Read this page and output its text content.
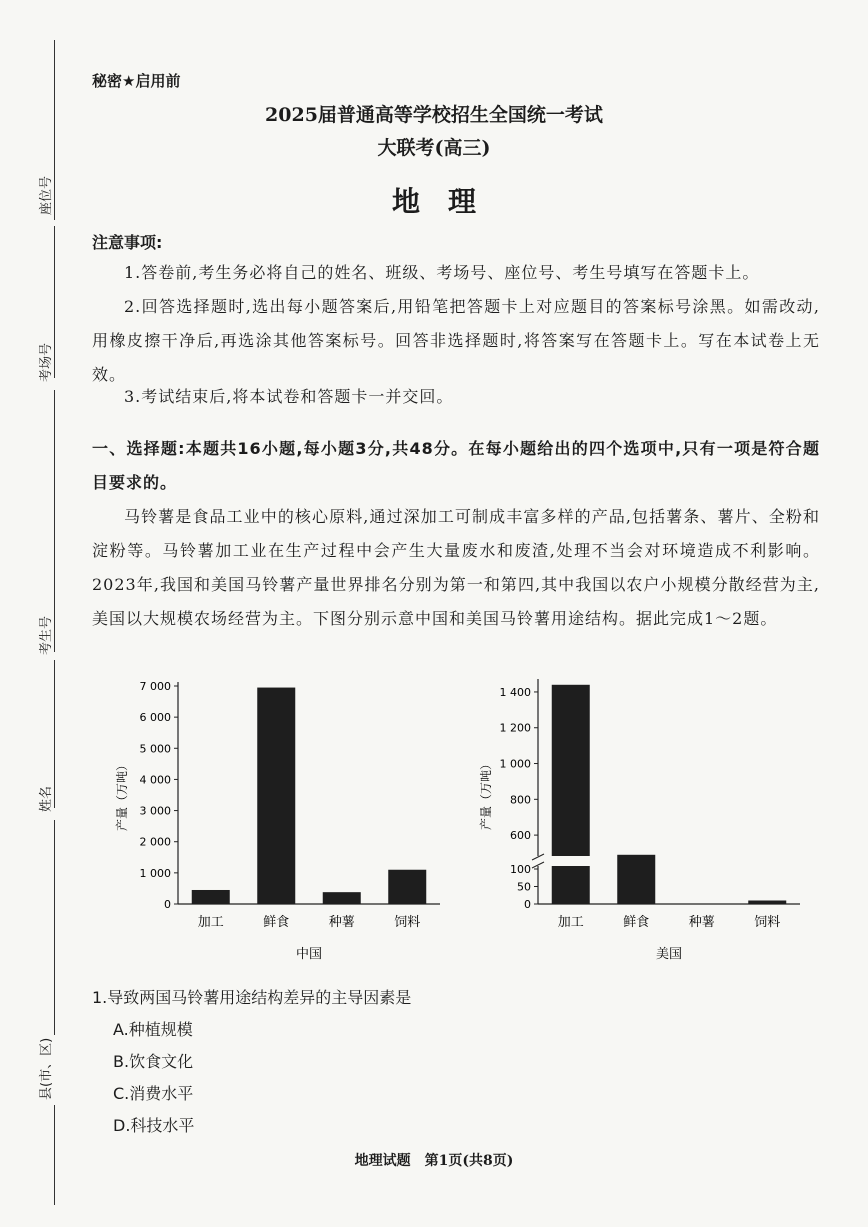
座位号
考场号
考生号
姓名
县(市、区)
秘密★启用前
2025届普通高等学校招生全国统一考试
大联考(高三)
地　理
注意事项:
1.答卷前,考生务必将自己的姓名、班级、考场号、座位号、考生号填写在答题卡上。
2.回答选择题时,选出每小题答案后,用铅笔把答题卡上对应题目的答案标号涂黑。如需改动,用橡皮擦干净后,再选涂其他答案标号。回答非选择题时,将答案写在答题卡上。写在本试卷上无效。
3.考试结束后,将本试卷和答题卡一并交回。
一、选择题:本题共16小题,每小题3分,共48分。在每小题给出的四个选项中,只有一项是符合题目要求的。
马铃薯是食品工业中的核心原料,通过深加工可制成丰富多样的产品,包括薯条、薯片、全粉和淀粉等。马铃薯加工业在生产过程中会产生大量废水和废渣,处理不当会对环境造成不利影响。2023年,我国和美国马铃薯产量世界排名分别为第一和第四,其中我国以农户小规模分散经营为主,美国以大规模农场经营为主。下图分别示意中国和美国马铃薯用途结构。据此完成1～2题。
0
1 000
2 000
3 000
4 000
5 000
6 000
7 000
加工	鲜食	种薯	饲料
产量（万吨）
中国
0
50
100
600
800
1 000
1 200
1 400
加工	鲜食	种薯	饲料
产量（万吨）
美国
1.导致两国马铃薯用途结构差异的主导因素是
A.种植规模
B.饮食文化
C.消费水平
D.科技水平
地理试题　第1页(共8页)
